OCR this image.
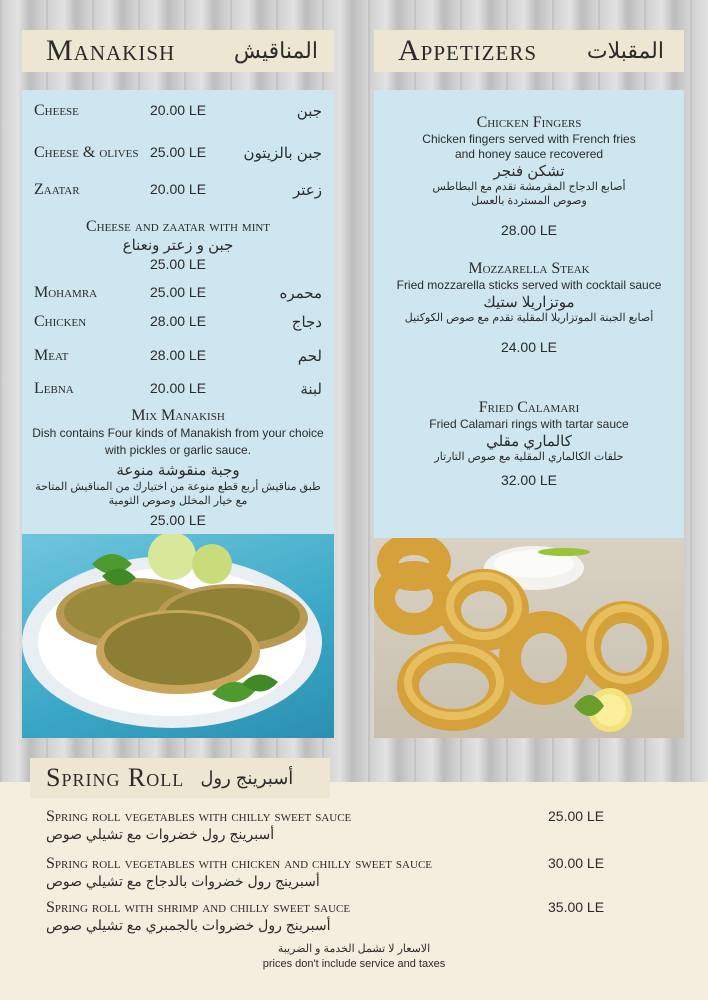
Manakish	المناقيش	Appetizers المقبلات
Cheese	20.00 LE	جبن
Cheese & olives 25.00 LE جبن بالزيتون
Zaatar	20.00 LE	زعتر
Cheese and zaatar with mint
جبن و زعتر ونعناع
25.00 LE
Mohamra	25.00 LE	محمره
Chicken	28.00 LE	دجاج
Meat	28.00 LE	لحم
Lebna	20.00 LE	لبنة
Mix Manakish
Dish contains Four kinds of Manakish from your choice
with pickles or garlic sauce.
وجبة منقوشة منوعة
طبق مناقيش أربع قطع منوعة من اختيارك من المناقيش المتاحة
مع خيار المخلل وصوص الثومية
25.00 LE
Chicken Fingers
Chicken fingers served with French fries
and honey sauce recovered
تشكن فنجر
أصابع الدجاج المقرمشة تقدم مع البطاطس
وصوص المستردة بالعسل
28.00 LE
Mozzarella Steak
Fried mozzarella sticks served with cocktail sauce
موتزاريلا ستيك
أصابع الجبنة الموتزاريلا المقلية تقدم مع صوص الكوكتيل
24.00 LE
Fried Calamari
Fried Calamari rings with tartar sauce
كالماري مقلي
حلقات الكالماري المقلية مع صوص التارتار
32.00 LE
Spring Roll أسبرينج رول
Spring roll vegetables with chilly sweet sauce
أسبرينج رول خضروات مع تشيلي صوص
25.00 LE
Spring roll vegetables with chicken and chilly sweet sauce
أسبرينج رول خضروات بالدجاج مع تشيلي صوص
30.00 LE
Spring roll with shrimp and chilly sweet sauce
أسبرينج رول خضروات بالجمبري مع تشيلي صوص
35.00 LE
الاسعار لا تشمل الخدمة و الضريبة
prices don't include service and taxes
